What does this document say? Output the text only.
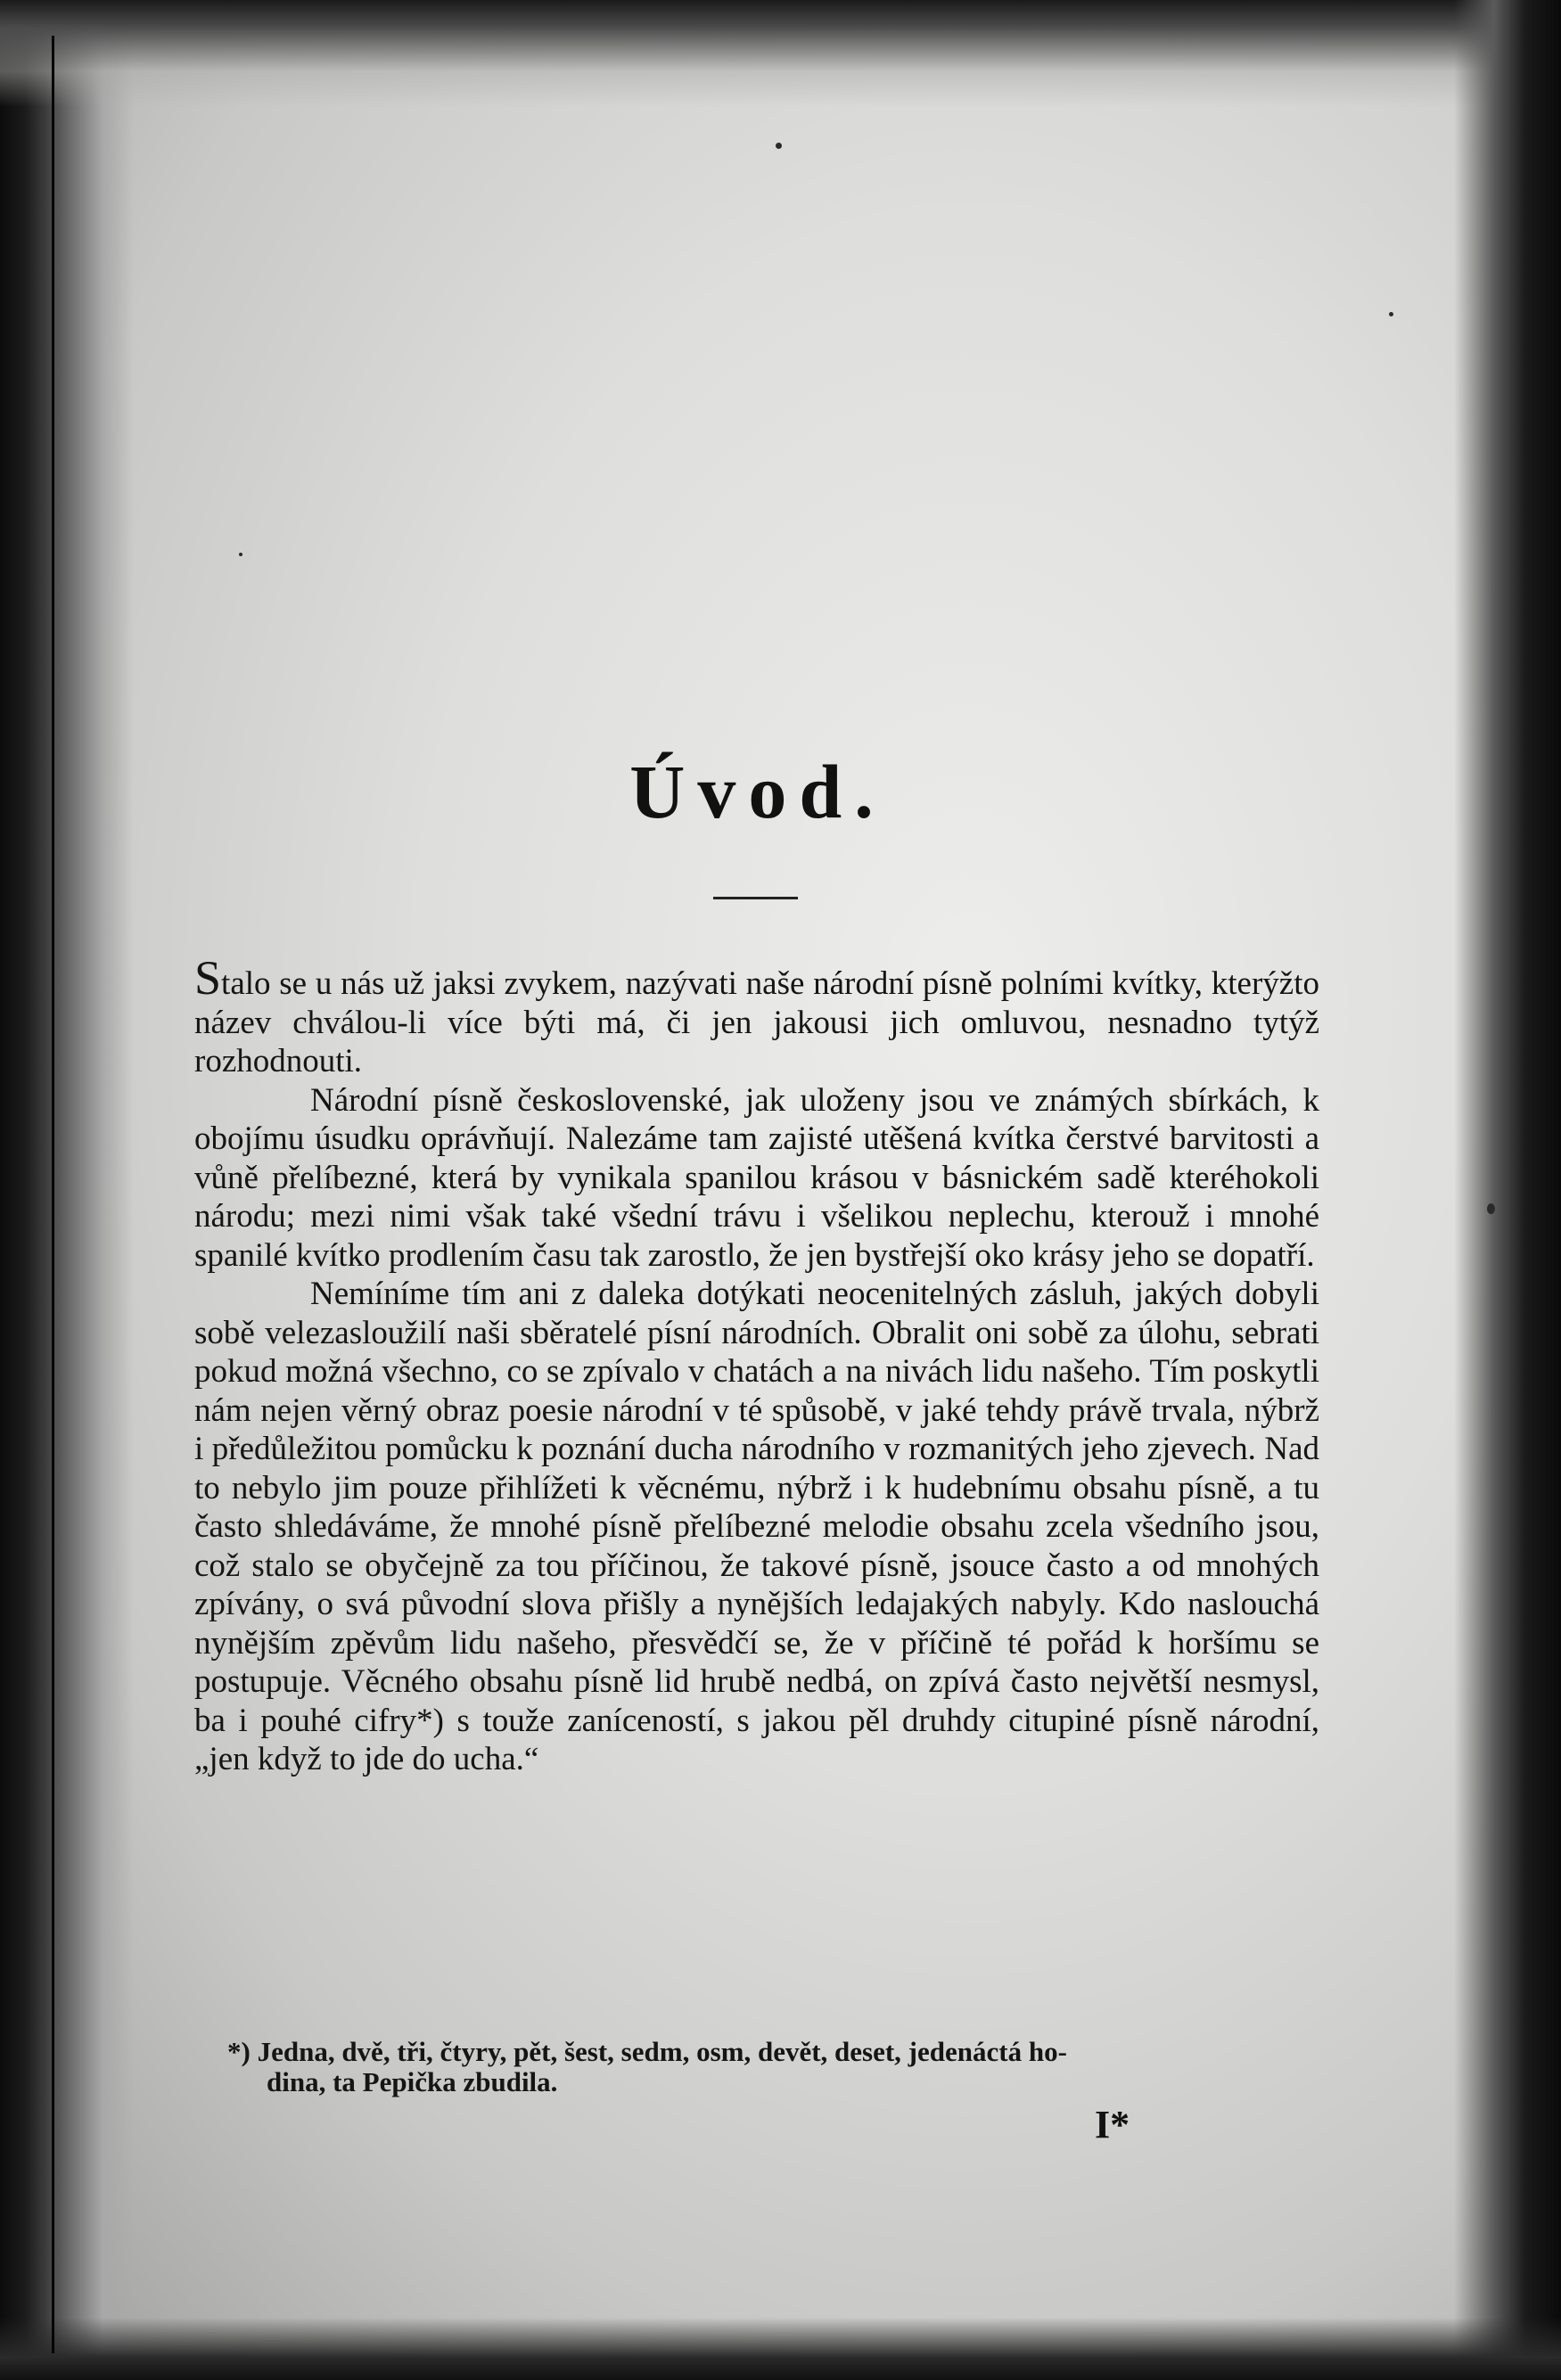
Úvod.

Stalo se u nás už jaksi zvykem, nazývati naše národní písně polními kvítky, kterýžto název chválou-li více býti má, či jen jakousi jich omluvou, nesnadno tytýž rozhodnouti.

Národní písně československé, jak uloženy jsou ve známých sbírkách, k obojímu úsudku oprávňují. Nalezáme tam zajisté utěšená kvítka čerstvé barvitosti a vůně přelíbezné, která by vynikala spanilou krásou v básnickém sadě kteréhokoli národu; mezi nimi však také všední trávu i všelikou neplechu, kterouž i mnohé spanilé kvítko prodlením času tak zarostlo, že jen bystřejší oko krásy jeho se dopatří.

Nemíníme tím ani z daleka dotýkati neocenitelných zásluh, jakých dobyli sobě velezasloužilí naši sběratelé písní národních. Obralit oni sobě za úlohu, sebrati pokud možná všechno, co se zpívalo v chatách a na nivách lidu našeho. Tím poskytli nám nejen věrný obraz poesie národní v té spůsobě, v jaké tehdy právě trvala, nýbrž i předůležitou pomůcku k poznání ducha národního v rozmanitých jeho zjevech. Nad to nebylo jim pouze přihlížeti k věcnému, nýbrž i k hudebnímu obsahu písně, a tu často shledáváme, že mnohé písně přelíbezné melodie obsahu zcela všedního jsou, což stalo se obyčejně za tou příčinou, že takové písně, jsouce často a od mnohých zpívány, o svá původní slova přišly a nynějších ledajakých nabyly. Kdo naslouchá nynějším zpěvům lidu našeho, přesvědčí se, že v příčině té pořád k horšímu se postupuje. Věcného obsahu písně lid hrubě nedbá, on zpívá často největší nesmysl, ba i pouhé cifry*) s touže zaníceností, s jakou pěl druhdy citupiné písně národní, „jen když to jde do ucha.“

*) Jedna, dvě, tři, čtyry, pět, šest, sedm, osm, devět, deset, jedenáctá ho-
dina, ta Pepička zbudila.
I*
